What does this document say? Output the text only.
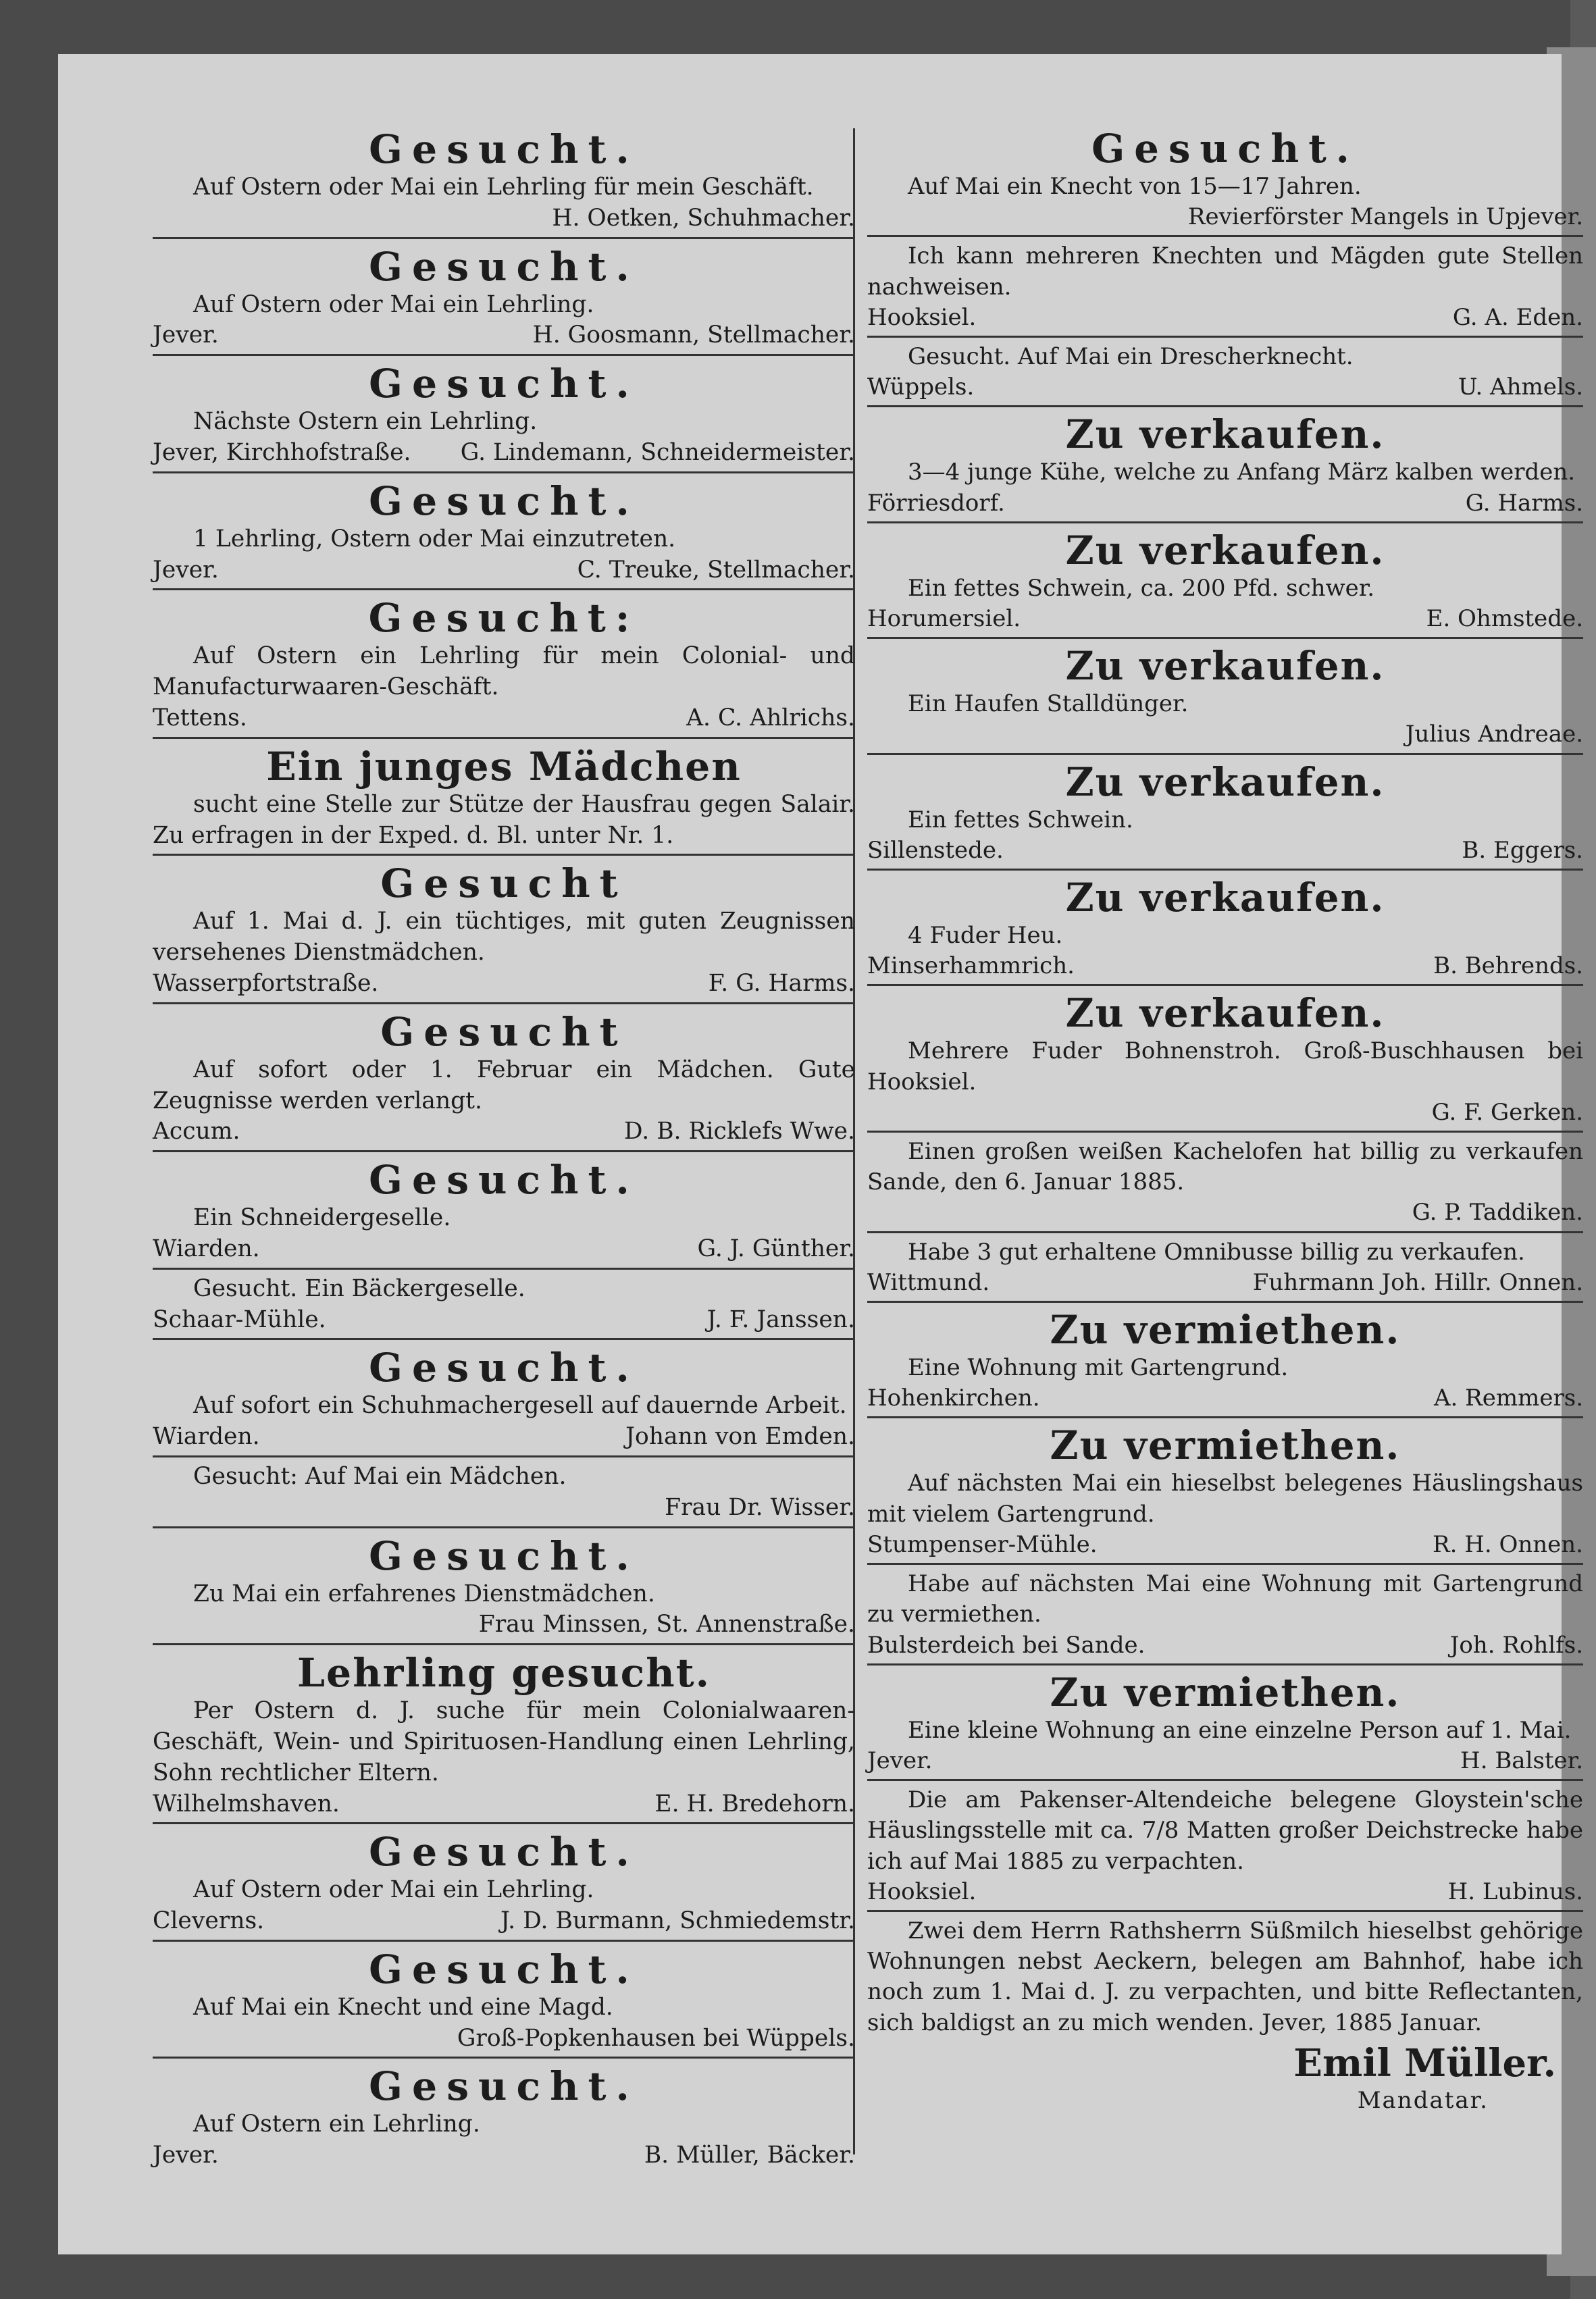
Gesucht.
Auf Ostern oder Mai ein Lehrling für mein Geschäft.
H. Oetken, Schuhmacher.
Gesucht.
Auf Ostern oder Mai ein Lehrling.
Jever.	H. Goosmann, Stellmacher.
Gesucht.
Nächste Ostern ein Lehrling.
Jever, Kirchhofstraße. G. Lindemann, Schneidermeister.
Gesucht.
1 Lehrling, Ostern oder Mai einzutreten.
Jever.	C. Treuke, Stellmacher.
Gesucht:
Auf Ostern ein Lehrling für mein Colonial- und Manufacturwaaren-Geschäft.
Tettens.	A. C. Ahlrichs.
Ein junges Mädchen
sucht eine Stelle zur Stütze der Hausfrau gegen Salair. Zu erfragen in der Exped. d. Bl. unter Nr. 1.
Gesucht
Auf 1. Mai d. J. ein tüchtiges, mit guten Zeugnissen versehenes Dienstmädchen.
Wasserpfortstraße.	F. G. Harms.
Gesucht
Auf sofort oder 1. Februar ein Mädchen. Gute Zeugnisse werden verlangt.
Accum.	D. B. Ricklefs Wwe.
Gesucht.
Ein Schneidergeselle.
Wiarden.	G. J. Günther.
Gesucht. Ein Bäckergeselle.
Schaar-Mühle.	J. F. Janssen.
Gesucht.
Auf sofort ein Schuhmachergesell auf dauernde Arbeit.
Wiarden.	Johann von Emden.
Gesucht: Auf Mai ein Mädchen.
Frau Dr. Wisser.
Gesucht.
Zu Mai ein erfahrenes Dienstmädchen.
Frau Minssen, St. Annenstraße.
Lehrling gesucht.
Per Ostern d. J. suche für mein Colonialwaaren-Geschäft, Wein- und Spirituosen-Handlung einen Lehrling, Sohn rechtlicher Eltern.
Wilhelmshaven.	E. H. Bredehorn.
Gesucht.
Auf Ostern oder Mai ein Lehrling.
Cleverns.	J. D. Burmann, Schmiedemstr.
Gesucht.
Auf Mai ein Knecht und eine Magd.
Groß-Popkenhausen bei Wüppels.
Gesucht.
Auf Ostern ein Lehrling.
Jever.	B. Müller, Bäcker.
Gesucht.
Auf Mai ein Knecht von 15—17 Jahren.
Revierförster Mangels in Upjever.
Ich kann mehreren Knechten und Mägden gute Stellen nachweisen.
Hooksiel.	G. A. Eden.
Gesucht. Auf Mai ein Drescherknecht.
Wüppels.	U. Ahmels.
Zu verkaufen.
3—4 junge Kühe, welche zu Anfang März kalben werden.
Förriesdorf.	G. Harms.
Zu verkaufen.
Ein fettes Schwein, ca. 200 Pfd. schwer.
Horumersiel.	E. Ohmstede.
Zu verkaufen.
Ein Haufen Stalldünger.
Julius Andreae.
Zu verkaufen.
Ein fettes Schwein.
Sillenstede.	B. Eggers.
Zu verkaufen.
4 Fuder Heu.
Minserhammrich.	B. Behrends.
Zu verkaufen.
Mehrere Fuder Bohnenstroh. Groß-Buschhausen bei Hooksiel.
G. F. Gerken.
Einen großen weißen Kachelofen hat billig zu verkaufen Sande, den 6. Januar 1885.
G. P. Taddiken.
Habe 3 gut erhaltene Omnibusse billig zu verkaufen.
Wittmund.	Fuhrmann Joh. Hillr. Onnen.
Zu vermiethen.
Eine Wohnung mit Gartengrund.
Hohenkirchen.	A. Remmers.
Zu vermiethen.
Auf nächsten Mai ein hieselbst belegenes Häuslingshaus mit vielem Gartengrund.
Stumpenser-Mühle.	R. H. Onnen.
Habe auf nächsten Mai eine Wohnung mit Gartengrund zu vermiethen.
Bulsterdeich bei Sande.	Joh. Rohlfs.
Zu vermiethen.
Eine kleine Wohnung an eine einzelne Person auf 1. Mai.
Jever.	H. Balster.
Die am Pakenser-Altendeiche belegene Gloystein'sche Häuslingsstelle mit ca. 7/8 Matten großer Deichstrecke habe ich auf Mai 1885 zu verpachten.
Hooksiel.	H. Lubinus.
Zwei dem Herrn Rathsherrn Süßmilch hieselbst gehörige Wohnungen nebst Aeckern, belegen am Bahnhof, habe ich noch zum 1. Mai d. J. zu verpachten, und bitte Reflectanten, sich baldigst an zu mich wenden. Jever, 1885 Januar.
Emil Müller.
Mandatar.
